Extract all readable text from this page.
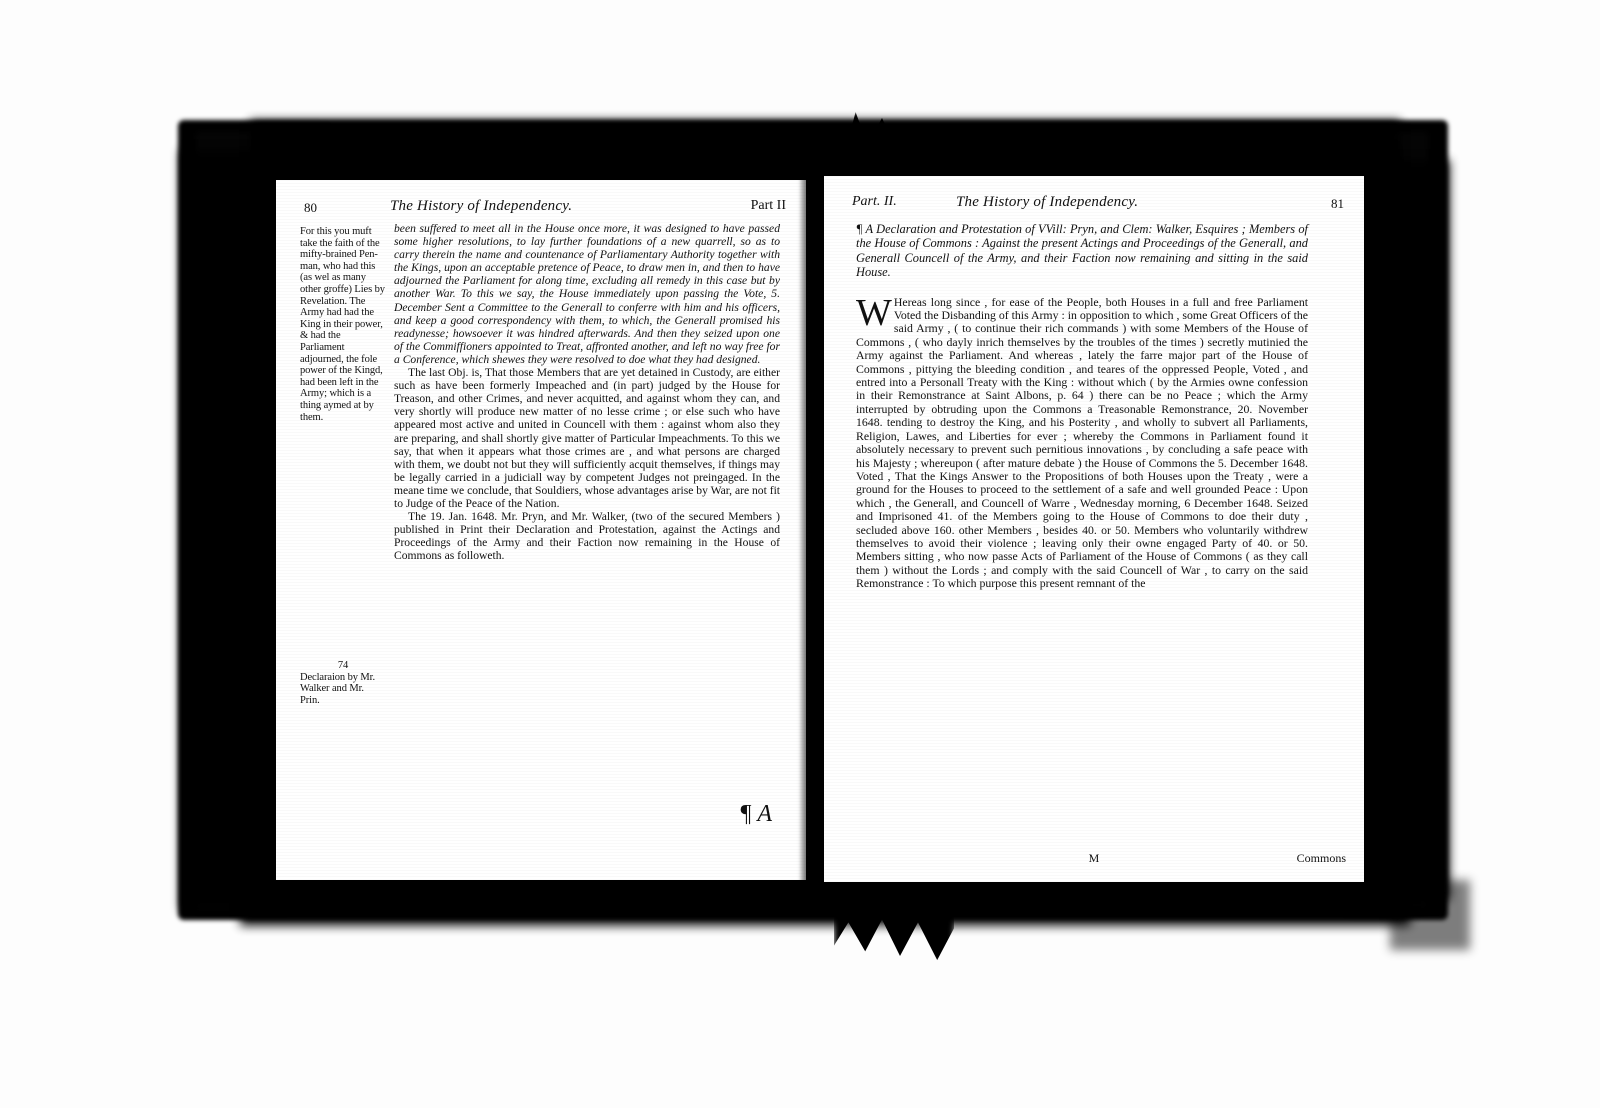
80	The History of Independency.	Part II
For this you muft take the faith of the mifty-brained Pen-man, who had this (as wel as many other groffe) Lies by Revelation. The Army had had the King in their power, & had the Parliament adjourned, the fole power of the Kingd, had been left in the Army; which is a thing aymed at by them.
74
Declaraion by Mr. Walker and Mr. Prin.

been suffered to meet all in the House once more, it was designed to have passed some higher resolutions, to lay further foundations of a new quarrell, so as to carry therein the name and countenance of Parliamentary Authority together with the Kings, upon an acceptable pretence of Peace, to draw men in, and then to have adjourned the Parliament for along time, excluding all remedy in this case but by another War. To this we say, the House immediately upon passing the Vote, 5. December Sent a Committee to the Generall to conferre with him and his officers, and keep a good correspondency with them, to which, the Generall promised his readynesse; howsoever it was hindred afterwards. And then they seized upon one of the Commiffioners appointed to Treat, affronted another, and left no way free for a Conference, which shewes they were resolved to doe what they had designed.

The last Obj. is, That those Members that are yet detained in Custody, are either such as have been formerly Impeached and (in part) judged by the House for Treason, and other Crimes, and never acquitted, and against whom they can, and very shortly will produce new matter of no lesse crime ; or else such who have appeared most active and united in Councell with them : against whom also they are preparing, and shall shortly give matter of Particular Impeachments. To this we say, that when it appears what those crimes are , and what persons are charged with them, we doubt not but they will sufficiently acquit themselves, if things may be legally carried in a judiciall way by competent Judges not preingaged. In the meane time we conclude, that Souldiers, whose advantages arise by War, are not fit to Judge of the Peace of the Nation.

The 19. Jan. 1648. Mr. Pryn, and Mr. Walker, (two of the secured Members ) published in Print their Declaration and Protestation, against the Actings and Proceedings of the Army and their Faction now remaining in the House of Commons as followeth.

¶ A
Part. II.	The History of Independency.	81

¶ A Declaration and Protestation of VVill: Pryn, and Clem: Walker, Esquires ; Members of the House of Commons : Against the present Actings and Proceedings of the Generall, and Generall Councell of the Army, and their Faction now remaining and sitting in the said House.

W Hereas long since , for ease of the People, both Houses in a full and free Parliament Voted the Disbanding of this Army : in opposition to which , some Great Officers of the said Army , ( to continue their rich commands ) with some Members of the House of Commons , ( who dayly inrich themselves by the troubles of the times ) secretly mutinied the Army against the Parliament. And whereas , lately the farre major part of the House of Commons , pittying the bleeding condition , and teares of the oppressed People, Voted , and entred into a Personall Treaty with the King : without which ( by the Armies owne confession in their Remonstrance at Saint Albons, p. 64 ) there can be no Peace ; which the Army interrupted by obtruding upon the Commons a Treasonable Remonstrance, 20. November 1648. tending to destroy the King, and his Posterity , and wholly to subvert all Parliaments, Religion, Lawes, and Liberties for ever ; whereby the Commons in Parliament found it absolutely necessary to prevent such pernitious innovations , by concluding a safe peace with his Majesty ; whereupon ( after mature debate ) the House of Commons the 5. December 1648. Voted , That the Kings Answer to the Propositions of both Houses upon the Treaty , were a ground for the Houses to proceed to the settlement of a safe and well grounded Peace : Upon which , the Generall, and Councell of Warre , Wednesday morning, 6 December 1648. Seized and Imprisoned 41. of the Members going to the House of Commons to doe their duty , secluded above 160. other Members , besides 40. or 50. Members who voluntarily withdrew themselves to avoid their violence ; leaving only their owne engaged Party of 40. or 50. Members sitting , who now passe Acts of Parliament of the House of Commons ( as they call them ) without the Lords ; and comply with the said Councell of War , to carry on the said Remonstrance : To which purpose this present remnant of the

M	Commons
